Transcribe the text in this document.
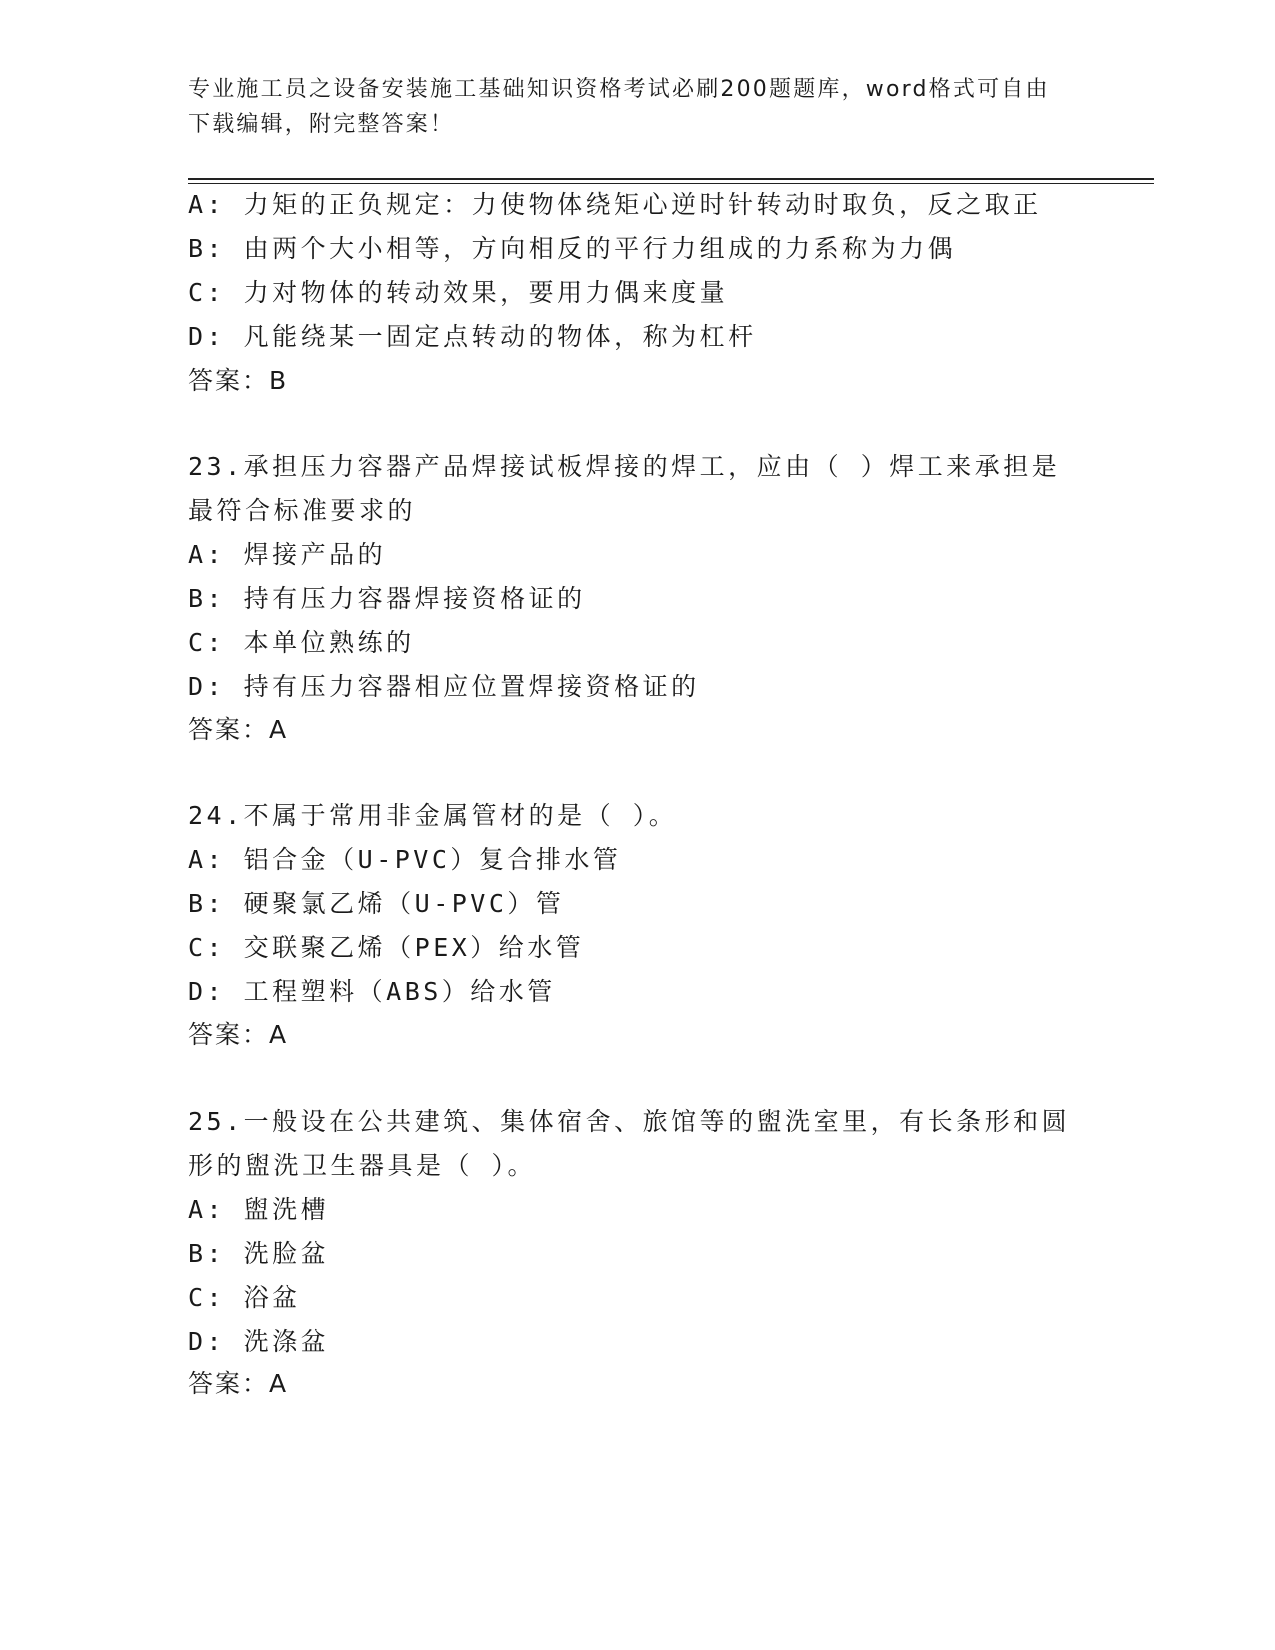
专业施工员之设备安装施工基础知识资格考试必刷200题题库，word格式可自由
下载编辑，附完整答案！
A: 力矩的正负规定：力使物体绕矩心逆时针转动时取负，反之取正
B: 由两个大小相等，方向相反的平行力组成的力系称为力偶
C: 力对物体的转动效果，要用力偶来度量
D: 凡能绕某一固定点转动的物体，称为杠杆
答案：B
23.承担压力容器产品焊接试板焊接的焊工，应由（ ）焊工来承担是
最符合标准要求的
A: 焊接产品的
B: 持有压力容器焊接资格证的
C: 本单位熟练的
D: 持有压力容器相应位置焊接资格证的
答案：A
24.不属于常用非金属管材的是（ ）。
A: 铝合金（U-PVC）复合排水管
B: 硬聚氯乙烯（U-PVC）管
C: 交联聚乙烯（PEX）给水管
D: 工程塑料（ABS）给水管
答案：A
25.一般设在公共建筑、集体宿舍、旅馆等的盥洗室里，有长条形和圆
形的盥洗卫生器具是（ ）。
A: 盥洗槽
B: 洗脸盆
C: 浴盆
D: 洗涤盆
答案：A
